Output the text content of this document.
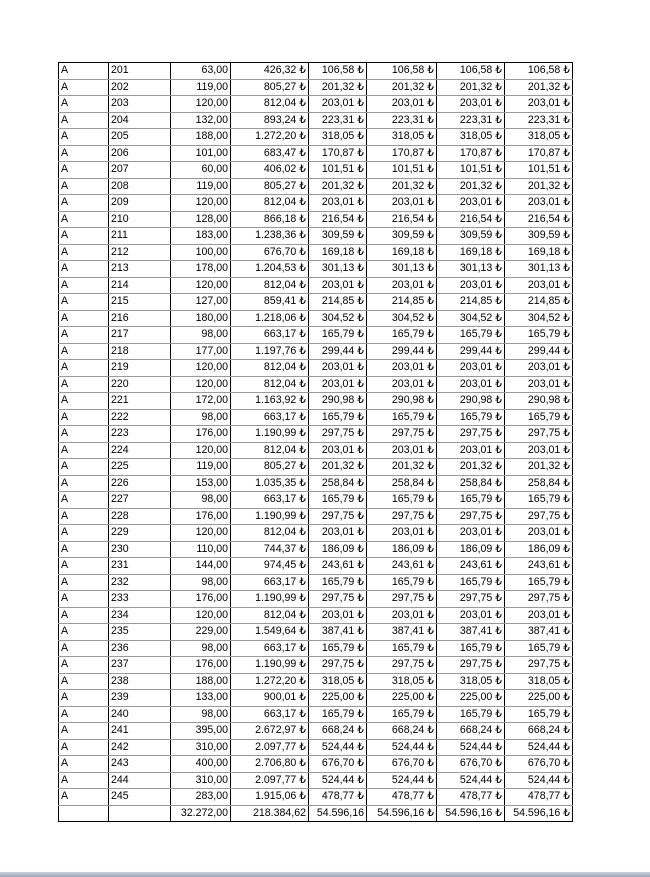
A	201	63,00	426,32 ₺	106,58 ₺	106,58 ₺	106,58 ₺	106,58 ₺
A	202	119,00	805,27 ₺	201,32 ₺	201,32 ₺	201,32 ₺	201,32 ₺
A	203	120,00	812,04 ₺	203,01 ₺	203,01 ₺	203,01 ₺	203,01 ₺
A	204	132,00	893,24 ₺	223,31 ₺	223,31 ₺	223,31 ₺	223,31 ₺
A	205	188,00	1.272,20 ₺	318,05 ₺	318,05 ₺	318,05 ₺	318,05 ₺
A	206	101,00	683,47 ₺	170,87 ₺	170,87 ₺	170,87 ₺	170,87 ₺
A	207	60,00	406,02 ₺	101,51 ₺	101,51 ₺	101,51 ₺	101,51 ₺
A	208	119,00	805,27 ₺	201,32 ₺	201,32 ₺	201,32 ₺	201,32 ₺
A	209	120,00	812,04 ₺	203,01 ₺	203,01 ₺	203,01 ₺	203,01 ₺
A	210	128,00	866,18 ₺	216,54 ₺	216,54 ₺	216,54 ₺	216,54 ₺
A	211	183,00	1.238,36 ₺	309,59 ₺	309,59 ₺	309,59 ₺	309,59 ₺
A	212	100,00	676,70 ₺	169,18 ₺	169,18 ₺	169,18 ₺	169,18 ₺
A	213	178,00	1.204,53 ₺	301,13 ₺	301,13 ₺	301,13 ₺	301,13 ₺
A	214	120,00	812,04 ₺	203,01 ₺	203,01 ₺	203,01 ₺	203,01 ₺
A	215	127,00	859,41 ₺	214,85 ₺	214,85 ₺	214,85 ₺	214,85 ₺
A	216	180,00	1.218,06 ₺	304,52 ₺	304,52 ₺	304,52 ₺	304,52 ₺
A	217	98,00	663,17 ₺	165,79 ₺	165,79 ₺	165,79 ₺	165,79 ₺
A	218	177,00	1.197,76 ₺	299,44 ₺	299,44 ₺	299,44 ₺	299,44 ₺
A	219	120,00	812,04 ₺	203,01 ₺	203,01 ₺	203,01 ₺	203,01 ₺
A	220	120,00	812,04 ₺	203,01 ₺	203,01 ₺	203,01 ₺	203,01 ₺
A	221	172,00	1.163,92 ₺	290,98 ₺	290,98 ₺	290,98 ₺	290,98 ₺
A	222	98,00	663,17 ₺	165,79 ₺	165,79 ₺	165,79 ₺	165,79 ₺
A	223	176,00	1.190,99 ₺	297,75 ₺	297,75 ₺	297,75 ₺	297,75 ₺
A	224	120,00	812,04 ₺	203,01 ₺	203,01 ₺	203,01 ₺	203,01 ₺
A	225	119,00	805,27 ₺	201,32 ₺	201,32 ₺	201,32 ₺	201,32 ₺
A	226	153,00	1.035,35 ₺	258,84 ₺	258,84 ₺	258,84 ₺	258,84 ₺
A	227	98,00	663,17 ₺	165,79 ₺	165,79 ₺	165,79 ₺	165,79 ₺
A	228	176,00	1.190,99 ₺	297,75 ₺	297,75 ₺	297,75 ₺	297,75 ₺
A	229	120,00	812,04 ₺	203,01 ₺	203,01 ₺	203,01 ₺	203,01 ₺
A	230	110,00	744,37 ₺	186,09 ₺	186,09 ₺	186,09 ₺	186,09 ₺
A	231	144,00	974,45 ₺	243,61 ₺	243,61 ₺	243,61 ₺	243,61 ₺
A	232	98,00	663,17 ₺	165,79 ₺	165,79 ₺	165,79 ₺	165,79 ₺
A	233	176,00	1.190,99 ₺	297,75 ₺	297,75 ₺	297,75 ₺	297,75 ₺
A	234	120,00	812,04 ₺	203,01 ₺	203,01 ₺	203,01 ₺	203,01 ₺
A	235	229,00	1.549,64 ₺	387,41 ₺	387,41 ₺	387,41 ₺	387,41 ₺
A	236	98,00	663,17 ₺	165,79 ₺	165,79 ₺	165,79 ₺	165,79 ₺
A	237	176,00	1.190,99 ₺	297,75 ₺	297,75 ₺	297,75 ₺	297,75 ₺
A	238	188,00	1.272,20 ₺	318,05 ₺	318,05 ₺	318,05 ₺	318,05 ₺
A	239	133,00	900,01 ₺	225,00 ₺	225,00 ₺	225,00 ₺	225,00 ₺
A	240	98,00	663,17 ₺	165,79 ₺	165,79 ₺	165,79 ₺	165,79 ₺
A	241	395,00	2.672,97 ₺	668,24 ₺	668,24 ₺	668,24 ₺	668,24 ₺
A	242	310,00	2.097,77 ₺	524,44 ₺	524,44 ₺	524,44 ₺	524,44 ₺
A	243	400,00	2.706,80 ₺	676,70 ₺	676,70 ₺	676,70 ₺	676,70 ₺
A	244	310,00	2.097,77 ₺	524,44 ₺	524,44 ₺	524,44 ₺	524,44 ₺
A	245	283,00	1.915,06 ₺	478,77 ₺	478,77 ₺	478,77 ₺	478,77 ₺
		32.272,00	218.384,62	54.596,16	54.596,16 ₺	54.596,16 ₺	54.596,16 ₺
